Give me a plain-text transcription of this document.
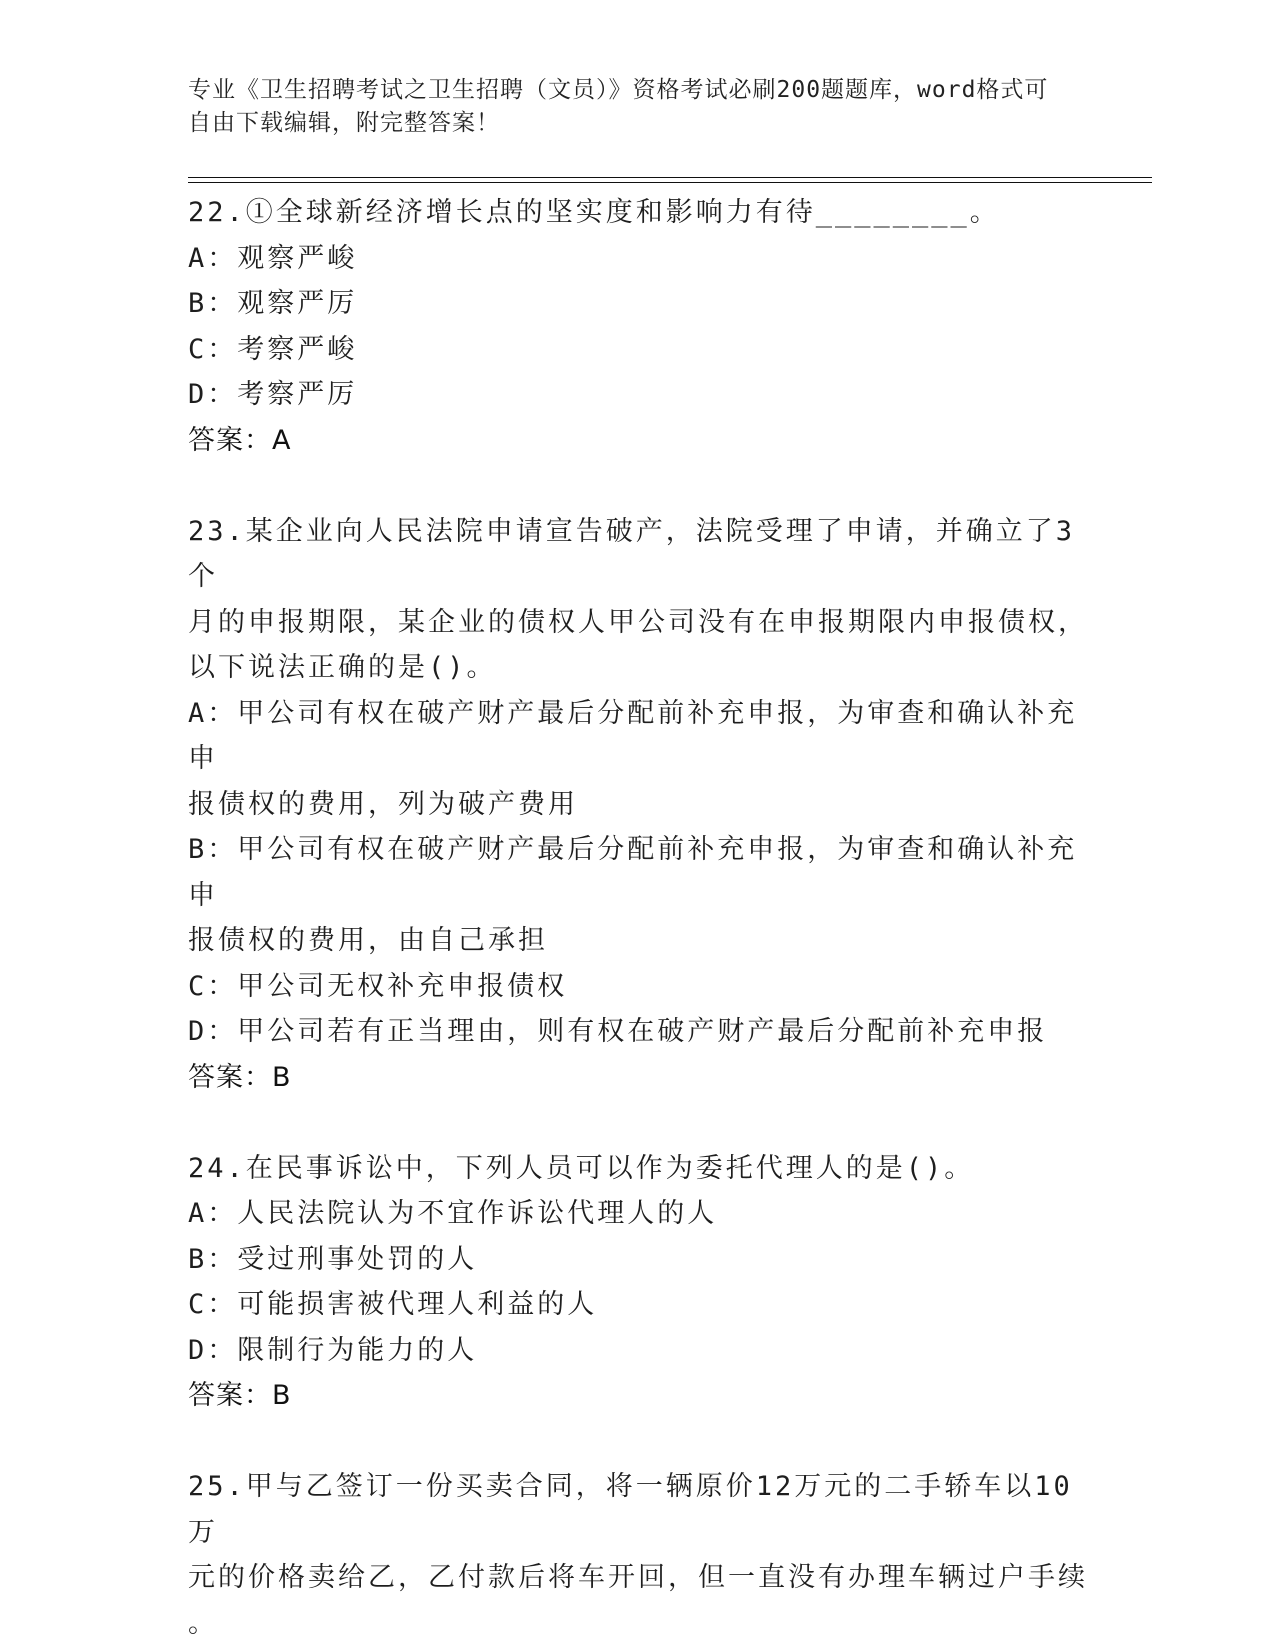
专业《卫生招聘考试之卫生招聘（文员）》资格考试必刷200题题库，word格式可自由下载编辑，附完整答案！
22.①全球新经济增长点的坚实度和影响力有待________。
A：观察严峻
B：观察严厉
C：考察严峻
D：考察严厉
答案：A
23.某企业向人民法院申请宣告破产，法院受理了申请，并确立了3个
月的申报期限，某企业的债权人甲公司没有在申报期限内申报债权，
以下说法正确的是()。
A：甲公司有权在破产财产最后分配前补充申报，为审查和确认补充申
报债权的费用，列为破产费用
B：甲公司有权在破产财产最后分配前补充申报，为审查和确认补充申
报债权的费用，由自己承担
C：甲公司无权补充申报债权
D：甲公司若有正当理由，则有权在破产财产最后分配前补充申报
答案：B
24.在民事诉讼中，下列人员可以作为委托代理人的是()。
A：人民法院认为不宜作诉讼代理人的人
B：受过刑事处罚的人
C：可能损害被代理人利益的人
D：限制行为能力的人
答案：B
25.甲与乙签订一份买卖合同，将一辆原价12万元的二手轿车以10万
元的价格卖给乙，乙付款后将车开回，但一直没有办理车辆过户手续
。
